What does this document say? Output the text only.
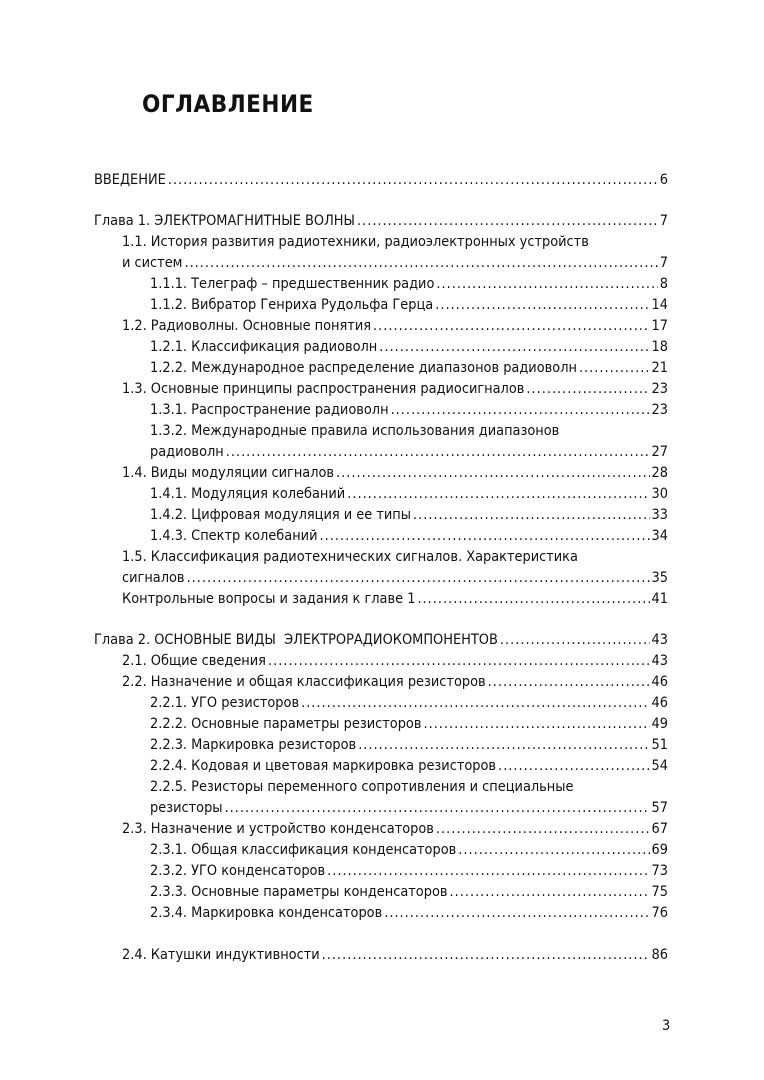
ОГЛАВЛЕНИЕ
ВВЕДЕНИЕ .....	6
Глава 1. ЭЛЕКТРОМАГНИТНЫЕ ВОЛНЫ .....	7
1.1. История развития радиотехники, радиоэлектронных устройств
и систем .....	7
1.1.1. Телеграф – предшественник радио .....	8
1.1.2. Вибратор Генриха Рудольфа Герца .....	14
1.2. Радиоволны. Основные понятия .....	17
1.2.1. Классификация радиоволн .....	18
1.2.2. Международное распределение диапазонов радиоволн .....	21
1.3. Основные принципы распространения радиосигналов .....	23
1.3.1. Распространение радиоволн .....	23
1.3.2. Международные правила использования диапазонов
радиоволн .....	27
1.4. Виды модуляции сигналов .....	28
1.4.1. Модуляция колебаний .....	30
1.4.2. Цифровая модуляция и ее типы .....	33
1.4.3. Спектр колебаний .....	34
1.5. Классификация радиотехнических сигналов. Характеристика
сигналов .....	35
Контрольные вопросы и задания к главе 1 .....	41
Глава 2. ОСНОВНЫЕ ВИДЫ  ЭЛЕКТРОРАДИОКОМПОНЕНТОВ .....	43
2.1. Общие сведения .....	43
2.2. Назначение и общая классификация резисторов .....	46
2.2.1. УГО резисторов .....	46
2.2.2. Основные параметры резисторов .....	49
2.2.3. Маркировка резисторов .....	51
2.2.4. Кодовая и цветовая маркировка резисторов .....	54
2.2.5. Резисторы переменного сопротивления и специальные
резисторы .....	57
2.3. Назначение и устройство конденсаторов .....	67
2.3.1. Общая классификация конденсаторов .....	69
2.3.2. УГО конденсаторов .....	73
2.3.3. Основные параметры конденсаторов .....	75
2.3.4. Маркировка конденсаторов .....	76
2.4. Катушки индуктивности .....	86
3
